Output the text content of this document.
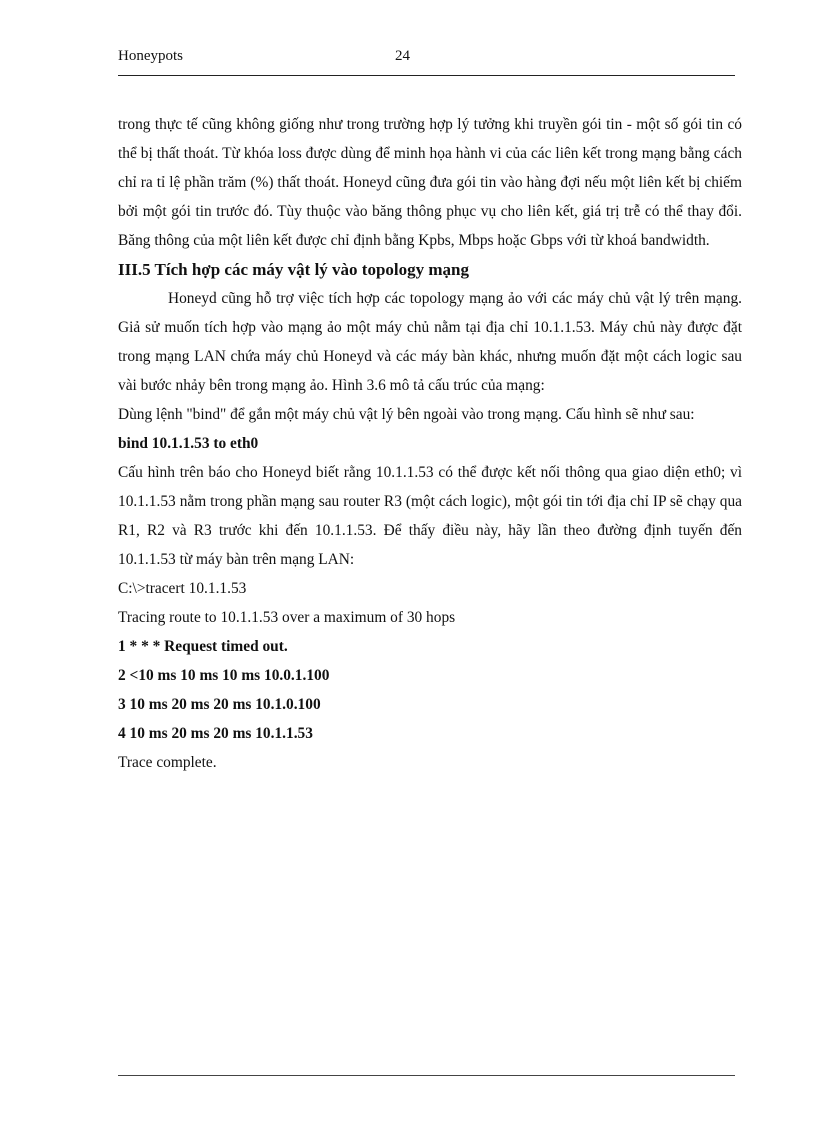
Honeypots	24

trong thực tế cũng không giống như trong trường hợp lý tưởng khi truyền gói tin - một số gói tin có thể bị thất thoát. Từ khóa loss được dùng để minh họa hành vi của các liên kết trong mạng bằng cách chỉ ra tỉ lệ phần trăm (%) thất thoát. Honeyd cũng đưa gói tin vào hàng đợi nếu một liên kết bị chiếm bởi một gói tin trước đó. Tùy thuộc vào băng thông phục vụ cho liên kết, giá trị trễ có thể thay đổi. Băng thông của một liên kết được chỉ định bằng Kpbs, Mbps hoặc Gbps với từ khoá bandwidth.

III.5 Tích hợp các máy vật lý vào topology mạng

Honeyd cũng hỗ trợ việc tích hợp các topology mạng ảo với các máy chủ vật lý trên mạng. Giả sử muốn tích hợp vào mạng ảo một máy chủ nằm tại địa chỉ 10.1.1.53. Máy chủ này được đặt trong mạng LAN chứa máy chủ Honeyd và các máy bàn khác, nhưng muốn đặt một cách logic sau vài bước nhảy bên trong mạng ảo. Hình 3.6 mô tả cấu trúc của mạng:

Dùng lệnh "bind" để gắn một máy chủ vật lý bên ngoài vào trong mạng. Cấu hình sẽ như sau:

bind 10.1.1.53 to eth0

Cấu hình trên báo cho Honeyd biết rằng 10.1.1.53 có thể được kết nối thông qua giao diện eth0; vì 10.1.1.53 nằm trong phần mạng sau router R3 (một cách logic), một gói tin tới địa chỉ IP sẽ chạy qua R1, R2 và R3 trước khi đến 10.1.1.53. Để thấy điều này, hãy lần theo đường định tuyến đến 10.1.1.53 từ máy bàn trên mạng LAN:

C:\>tracert 10.1.1.53

Tracing route to 10.1.1.53 over a maximum of 30 hops

1 * * * Request timed out.

2 <10 ms 10 ms 10 ms 10.0.1.100

3 10 ms 20 ms 20 ms 10.1.0.100

4 10 ms 20 ms 20 ms 10.1.1.53

Trace complete.
